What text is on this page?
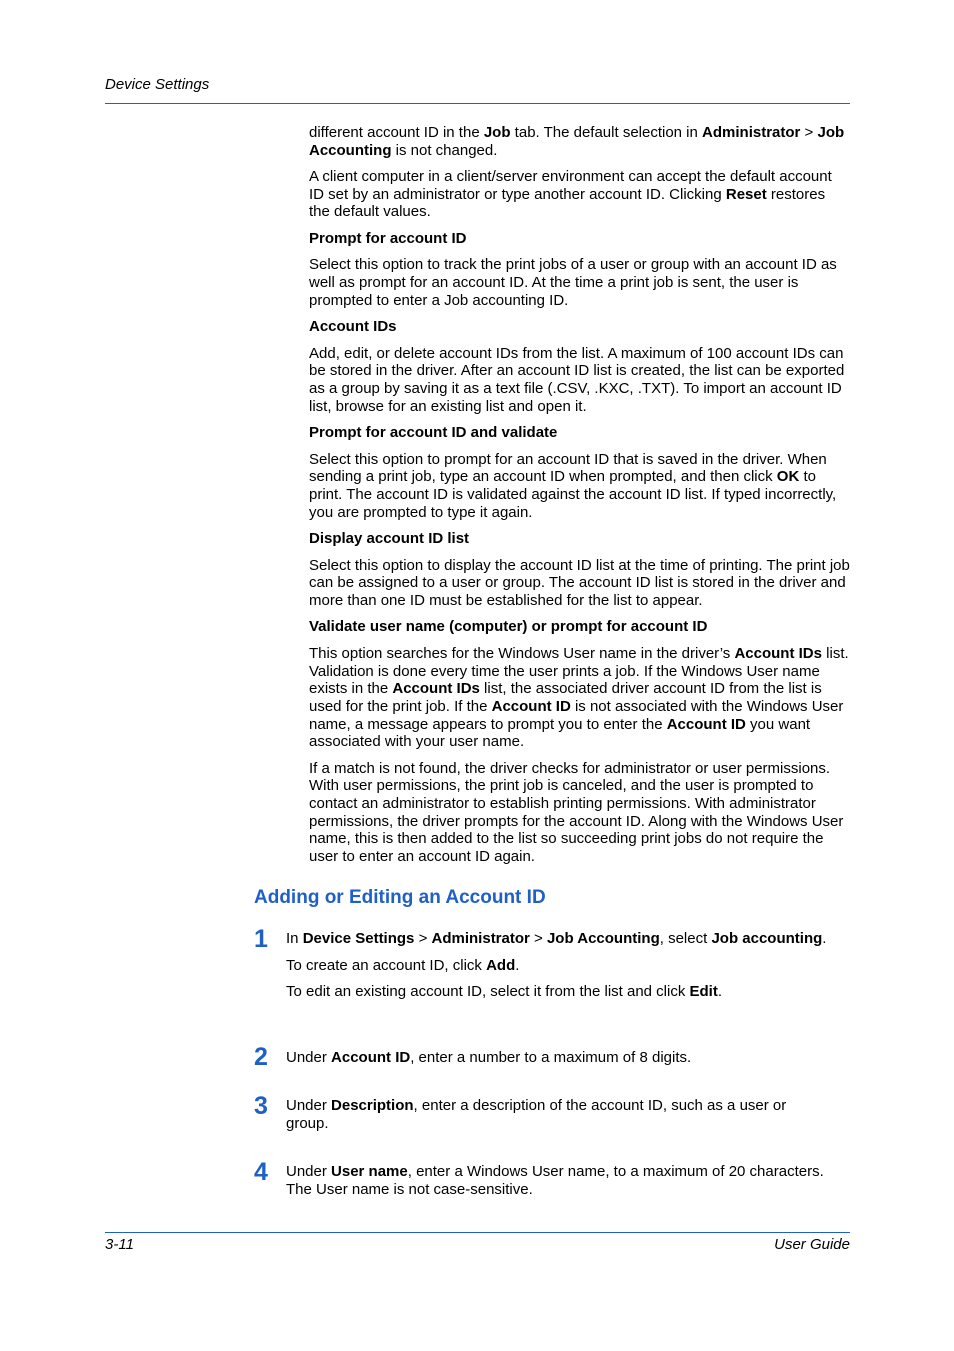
Device Settings

different account ID in the Job tab. The default selection in Administrator > Job Accounting is not changed.

A client computer in a client/server environment can accept the default account ID set by an administrator or type another account ID. Clicking Reset restores the default values.

Prompt for account ID

Select this option to track the print jobs of a user or group with an account ID as well as prompt for an account ID. At the time a print job is sent, the user is prompted to enter a Job accounting ID.

Account IDs

Add, edit, or delete account IDs from the list. A maximum of 100 account IDs can be stored in the driver. After an account ID list is created, the list can be exported as a group by saving it as a text file (.CSV, .KXC, .TXT). To import an account ID list, browse for an existing list and open it.

Prompt for account ID and validate

Select this option to prompt for an account ID that is saved in the driver. When sending a print job, type an account ID when prompted, and then click OK to print. The account ID is validated against the account ID list. If typed incorrectly, you are prompted to type it again.

Display account ID list

Select this option to display the account ID list at the time of printing. The print job can be assigned to a user or group. The account ID list is stored in the driver and more than one ID must be established for the list to appear.

Validate user name (computer) or prompt for account ID

This option searches for the Windows User name in the driver’s Account IDs list. Validation is done every time the user prints a job. If the Windows User name exists in the Account IDs list, the associated driver account ID from the list is used for the print job. If the Account ID is not associated with the Windows User name, a message appears to prompt you to enter the Account ID you want associated with your user name.

If a match is not found, the driver checks for administrator or user permissions. With user permissions, the print job is canceled, and the user is prompted to contact an administrator to establish printing permissions. With administrator permissions, the driver prompts for the account ID. Along with the Windows User name, this is then added to the list so succeeding print jobs do not require the user to enter an account ID again.

Adding or Editing an Account ID
1 In Device Settings > Administrator > Job Accounting, select Job accounting.

To create an account ID, click Add.

To edit an existing account ID, select it from the list and click Edit.

2 Under Account ID, enter a number to a maximum of 8 digits.

3 Under Description, enter a description of the account ID, such as a user or group.

4 Under User name, enter a Windows User name, to a maximum of 20 characters. The User name is not case-sensitive.

3-11	User Guide
